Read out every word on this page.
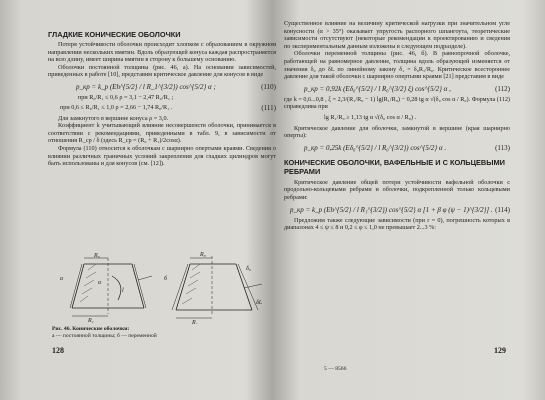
ГЛАДКИЕ КОНИЧЕСКИЕ ОБОЛОЧКИ

Потеря устойчивости оболочки происходит хлопком с образованием в окружном направлении нескольких вмятин. Вдоль образующей конуса каждая распространяется на всю длину, имеет ширина вмятин в сторону к большему основанию.

Оболочки постоянной толщины (рис. 46, а). На основании зависимостей, приведенных в работе [10], представим критическое давление для конусов в виде

p_кр = k_p (Eh^{5/2} / l R_1^{3/2}) cos^{5/2} α ;	(110)

при R₀/R₁ ≤ 0,6 ρ = 3,1 − 2,47 R₀/R₁ ;

при 0,6 ≤ R₀/R₁ ≤ 1,0 ρ = 2,66 − 1,74 R₀/R₁ .	(111)

Для замкнутого в вершине конуса ρ = 3,0.

Коэффициент k учитывающий влияние несовершенств оболочки, принимается в соответствии с рекомендациями, приведенными в табл. 9, в зависимости от отношения R_ср / δ (здесь R_ср = (R₀ + R₁)/2cosα).

Формула (110) относится к оболочкам с шарнирно опертыми краями. Сведения о влиянии различных граничных условий закрепления для гладких цилиндров могут быть использованы и для конусов (см. [12]).

R₀
R₁
a
α
l
R₀
R₁
б
δ₀
δL

Рис. 46. Конические оболочки:

а — постоянной толщины; б — переменной

128

Существенное влияние на величину критической нагрузки при значительном угле конусности (α > 35°) оказывает упругость распорного шпангоута, теоретические зависимости отсутствуют (некоторые рекомендации к проектированию и сведения по экспериментальным данным изложены в следующем подразделе).

Оболочки переменной толщины (рис. 46, б). В равнопрочной оболочке, работающей на равномерное давление, толщина вдоль образующей изменяется от значения δ₀ до δL по линейному закону δ₁ = δ₀R₁/R₀. Критическое всестороннее давление для такой оболочки с шарнирно опертыми краями [21] представим в виде

p_кр = 0,92k (Eδ₀^{5/2} / l R₀^{3/2} ξ) cos^{5/2} α ,	(112)

где k = 0,6...0,8 , ξ = 2,3/(R₁/R₀ − 1) lg(R₁/R₀) − 0,28 tg α √(δ₀ cos α / R₀). Формула (112) справедлива при

lg R₁/R₀ ≥ 1,13 tg α √(δ₀ cos α / R₀) .

Критическое давление для оболочки, замкнутой в вершине (края шарнирно оперты):

p_кр = 0,25k (Eδ₀^{5/2} / l R₀^{3/2}) cos^{5/2} α .	(113)

КОНИЧЕСКИЕ ОБОЛОЧКИ, ВАФЕЛЬНЫЕ И С КОЛЬЦЕВЫМИ РЕБРАМИ

Критическое давление общей потери устойчивости вафельной оболочки с продольно-кольцевыми ребрами и оболочки, подкрепленной только кольцевыми ребрами:

p_кр = k_p (Eh^{5/2} / l R₁^{3/2}) cos^{5/2} α [1 + β φ (ψ − 1)^{3/2}] . (114)

Предложим также следующие зависимости (при r = 0), погрешность которых в диапазонах 4 ≤ ψ ≤ 8 и 0,2 ≤ φ ≤ 1,0 не превышает 2...3 %:

5 — 8566
129
